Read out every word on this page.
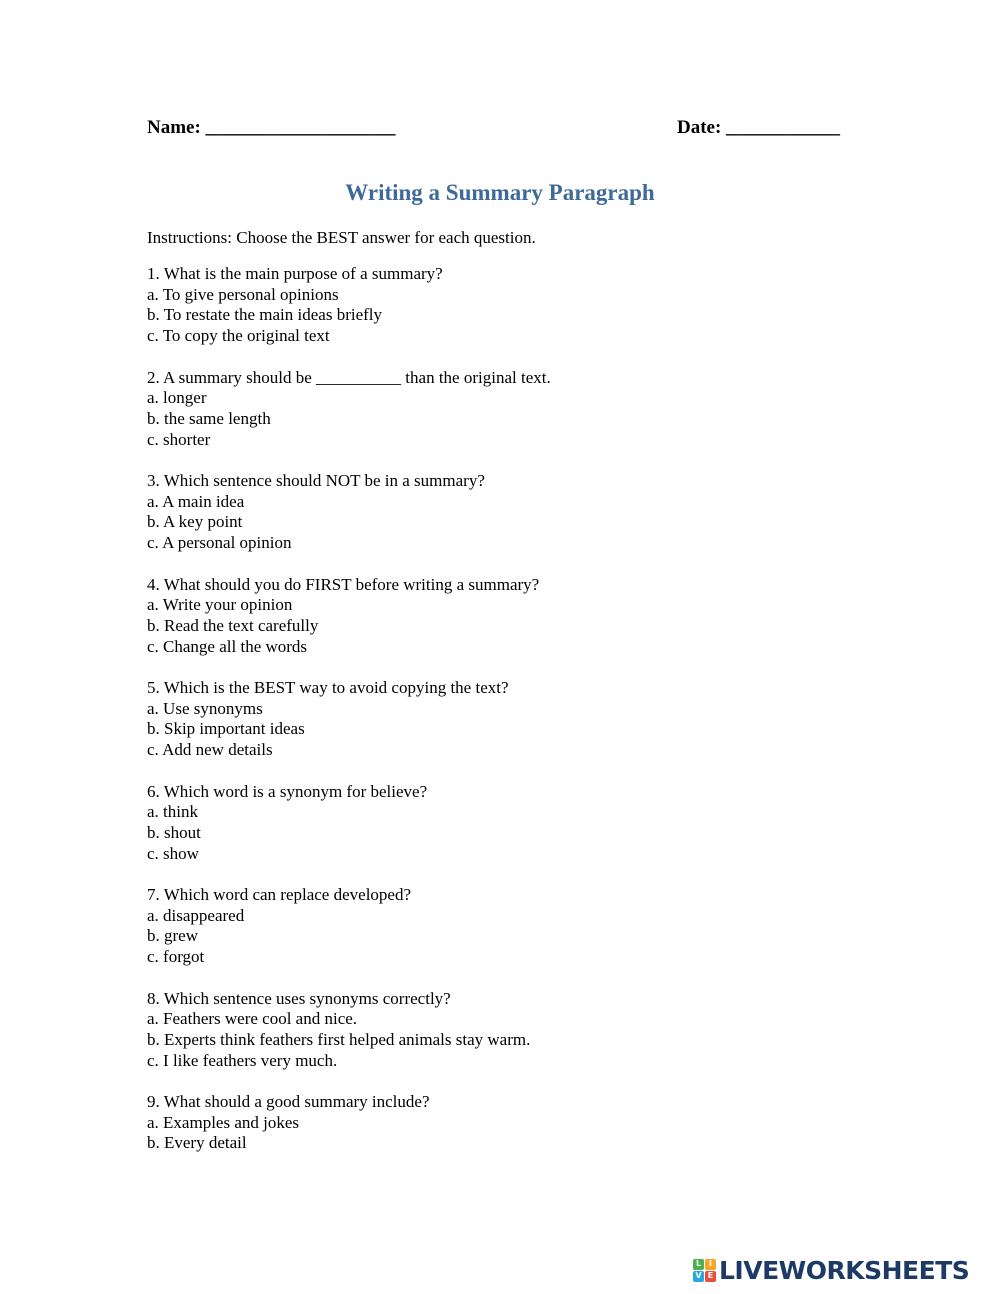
Name: ____________________	Date: ____________
Writing a Summary Paragraph
Instructions: Choose the BEST answer for each question.
1. What is the main purpose of a summary?
a. To give personal opinions
b. To restate the main ideas briefly
c. To copy the original text
2. A summary should be __________ than the original text.
a. longer
b. the same length
c. shorter
3. Which sentence should NOT be in a summary?
a. A main idea
b. A key point
c. A personal opinion
4. What should you do FIRST before writing a summary?
a. Write your opinion
b. Read the text carefully
c. Change all the words
5. Which is the BEST way to avoid copying the text?
a. Use synonyms
b. Skip important ideas
c. Add new details
6. Which word is a synonym for believe?
a. think
b. shout
c. show
7. Which word can replace developed?
a. disappeared
b. grew
c. forgot
8. Which sentence uses synonyms correctly?
a. Feathers were cool and nice.
b. Experts think feathers first helped animals stay warm.
c. I like feathers very much.
9. What should a good summary include?
a. Examples and jokes
b. Every detail
L I
V E LIVEWORKSHEETS
